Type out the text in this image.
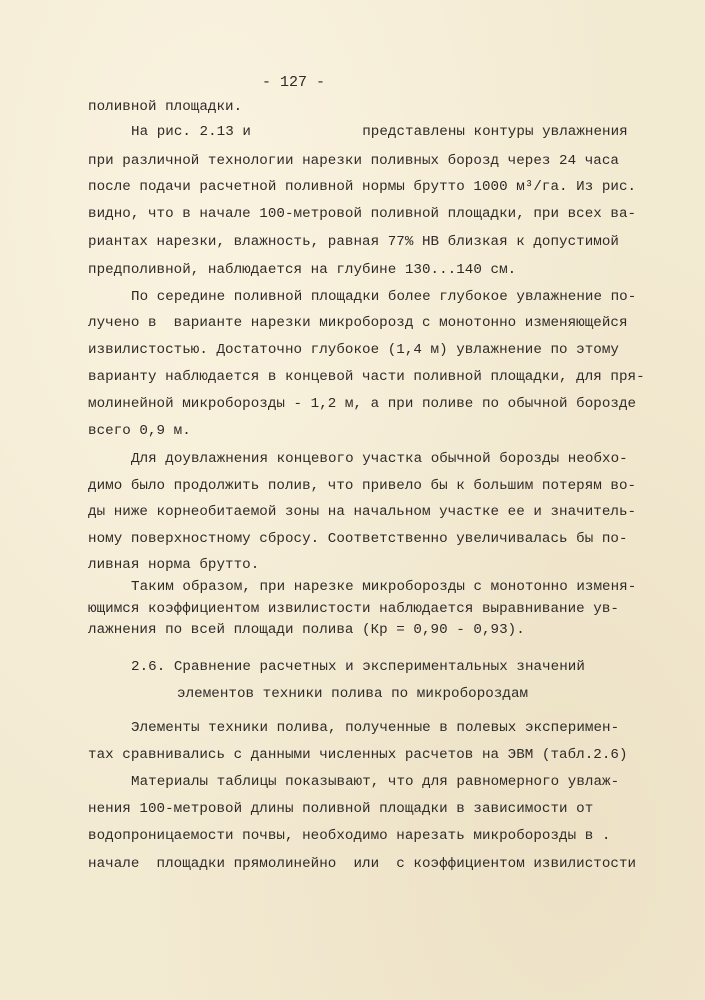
- 127 -
поливной площадки.
На рис. 2.13 и             представлены контуры увлажнения
при различной технологии нарезки поливных борозд через 24 часа
после подачи расчетной поливной нормы брутто 1000 м³/га. Из рис.
видно, что в начале 100-метровой поливной площадки, при всех ва-
риантах нарезки, влажность, равная 77% НВ близкая к допустимой
предполивной, наблюдается на глубине 130...140 см.
По середине поливной площадки более глубокое увлажнение по-
лучено в  варианте нарезки микроборозд с монотонно изменяющейся
извилистостью. Достаточно глубокое (1,4 м) увлажнение по этому
варианту наблюдается в концевой части поливной площадки, для пря-
молинейной микроборозды - 1,2 м, а при поливе по обычной борозде
всего 0,9 м.
Для доувлажнения концевого участка обычной борозды необхо-
димо было продолжить полив, что привело бы к большим потерям во-
ды ниже корнеобитаемой зоны на начальном участке ее и значитель-
ному поверхностному сбросу. Соответственно увеличивалась бы по-
ливная норма брутто.
Таким образом, при нарезке микроборозды с монотонно изменя-
ющимся коэффициентом извилистости наблюдается выравнивание ув-
лажнения по всей площади полива (Кр = 0,90 - 0,93).
2.6. Сравнение расчетных и экспериментальных значений
элементов техники полива по микробороздам
Элементы техники полива, полученные в полевых эксперимен-
тах сравнивались с данными численных расчетов на ЭВМ (табл.2.6)
Материалы таблицы показывают, что для равномерного увлаж-
нения 100-метровой длины поливной площадки в зависимости от
водопроницаемости почвы, необходимо нарезать микроборозды в .
начале  площадки прямолинейно  или  с коэффициентом извилистости
